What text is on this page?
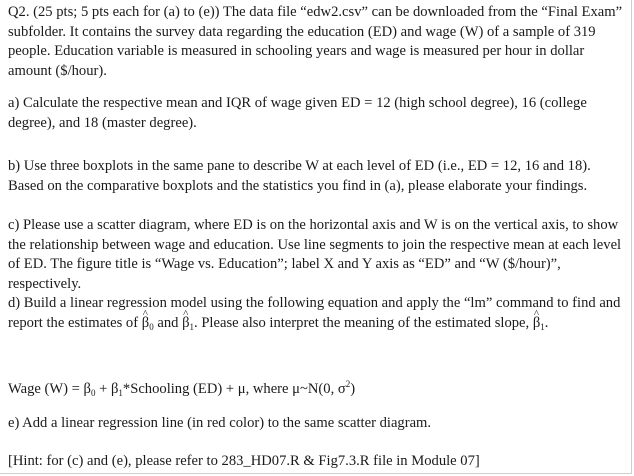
Q2. (25 pts; 5 pts each for (a) to (e)) The data file “edw2.csv” can be downloaded from the “Final Exam” subfolder. It contains the survey data regarding the education (ED) and wage (W) of a sample of 319 people. Education variable is measured in schooling years and wage is measured per hour in dollar amount ($/hour).

a) Calculate the respective mean and IQR of wage given ED = 12 (high school degree), 16 (college degree), and 18 (master degree).

b) Use three boxplots in the same pane to describe W at each level of ED (i.e., ED = 12, 16 and 18). Based on the comparative boxplots and the statistics you find in (a), please elaborate your findings.

c) Please use a scatter diagram, where ED is on the horizontal axis and W is on the vertical axis, to show the relationship between wage and education. Use line segments to join the respective mean at each level of ED. The figure title is “Wage vs. Education”; label X and Y axis as “ED” and “W ($/hour)”, respectively.

d) Build a linear regression model using the following equation and apply the “lm” command to find and report the estimates of ^ $\beta_0$ and ^ $\beta_1$. Please also interpret the meaning of the estimated slope, ^ $\beta_1$.

Wage $(W) = \beta_0$ + $\beta_1*Schooling$ (ED) + μ, where μ~N(0, $\sigma^2$)

e) Add a linear regression line (in red color) to the same scatter diagram.

[Hint: for (c) and (e), please refer to 283_HD07.R & Fig7.3.R file in Module 07]
